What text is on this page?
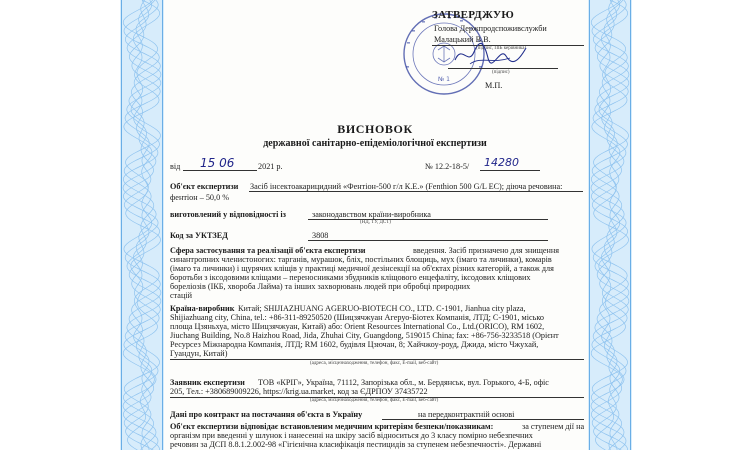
№ 1
ЗАТВЕРДЖУЮ
Голова Держпродспоживслужби
Малацький В.В.
(підпис, ПІБ керівника)
(підпис)
М.П.
ВИСНОВОК
державної санітарно-епідеміологічної експертизи
від 15 06	2021 р.	№ 12.2-18-5/ 14280
Об'єкт експертизи Засіб інсектоакарицидний «Фентіон-500 г/л К.Е.» (Fenthion 500 G/L EC); діюча речовина:
фентіон – 50,0 %
виготовлений у відповідності із	законодавством країни-виробника
(НД, ТУ, ДСТ)
Код за УКТЗЕД	3808
Сфера застосування та реалізації об'єкта експертизи	введення. Засіб призначено для знищення
синантропних членистоногих: тарганів, мурашок, бліх, постільних блощиць, мух (імаго та личинки), комарів
(імаго та личинки) і щурячих кліщів у практиці медичної дезінсекції на об'єктах різних категорій, а також для
боротьби з іксодовими кліщами – переносниками збудників кліщового енцефаліту, іксодових кліщових
бореліозів (ІКБ, хвороба Лайма) та інших захворювань людей при обробці природних
стацій
Країна-виробник Китай; SHIJIAZHUANG AGERUO-BIOTECH CO., LTD. C-1901, Jianhua city plaza,
Shijiazhuang city, China, tel.: +86-311-89250520 (Шицзячжуан Агеруо-Біотех Компанія, ЛТД; С-1901, місько
площа Цзяньхуа, місто Шицзячжуан, Китай) або: Orient Resources International Co., Ltd.(ORICO), RM 1602,
Jiuchang Building, No.8 Haizhou Road, Jida, Zhuhai City, Guangdong, 519015 China; fax: +86-756-3233518 (Орієнт
Ресурсез Міжнародна Компанія, ЛТД; RM 1602, будівля Цзючан, 8; Хайчжоу-роуд, Джида, місто Чжухай,
Гуандун, Китай)
(адреса, місцезнаходження, телефон, факс, E-mail, веб-сайт)
Заявник експертизи ТОВ «КРІГ», Україна, 71112, Запорізька обл., м. Бердянськ, вул. Горького, 4-Б, офіс
205, Тел.: +380689009226, https://krig.ua.market, код за ЄДРПОУ 37435722
(адреса, місцезнаходження, телефон, факс, E-mail, веб-сайт)
Дані про контракт на постачання об'єкта в Україну	на передконтрактній основі
Об'єкт експертизи відповідає встановленим медичним критеріям безпеки/показникам:	за ступенем дії на
організм при введенні у шлунок і нанесенні на шкіру засіб відноситься до 3 класу помірно небезпечних
речовин за ДСП 8.8.1.2.002-98 «Гігієнічна класифікація пестицидів за ступенем небезпечності». Державні
